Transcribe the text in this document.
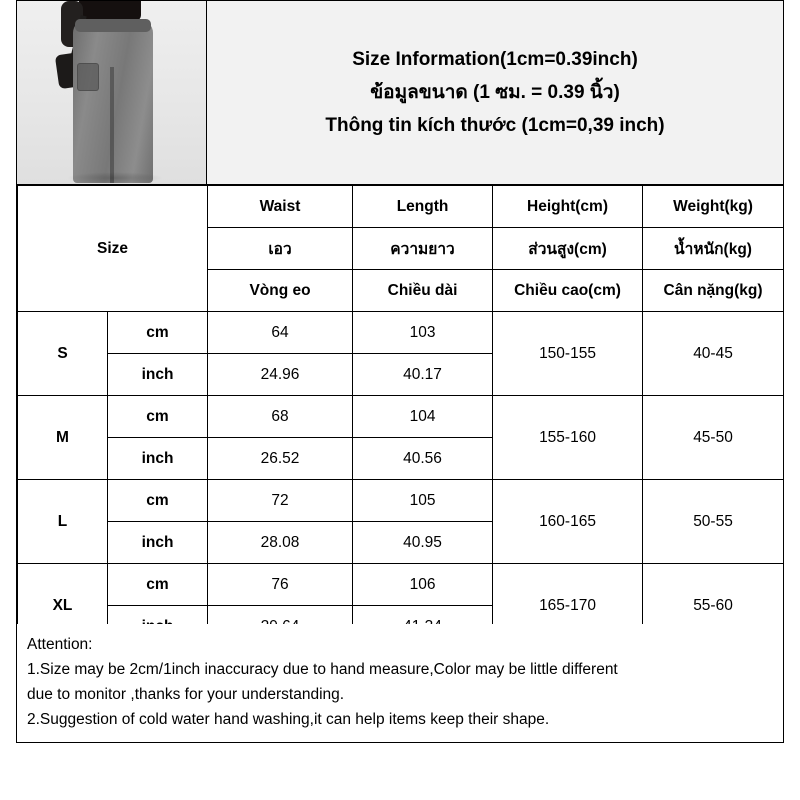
Size Information(1cm=0.39inch)
ข้อมูลขนาด (1 ซม. = 0.39 นิ้ว)
Thông tin kích thước (1cm=0,39 inch)
Size		Waist	Length	Height(cm)	Weight(kg)
		เอว	ความยาว	ส่วนสูง(cm)	น้ำหนัก(kg)
		Vòng eo	Chiều dài	Chiều cao(cm)	Cân nặng(kg)
S	cm	64	103	150-155	40-45
	inch	24.96	40.17		
M	cm	68	104	155-160	45-50
	inch	26.52	40.56		
L	cm	72	105	160-165	50-55
	inch	28.08	40.95		
XL	cm	76	106	165-170	55-60

Attention:

1.Size may be 2cm/1inch inaccuracy due to hand measure,Color may be little different

due to monitor ,thanks for your understanding.

2.Suggestion of cold water hand washing,it can help items keep their shape.
